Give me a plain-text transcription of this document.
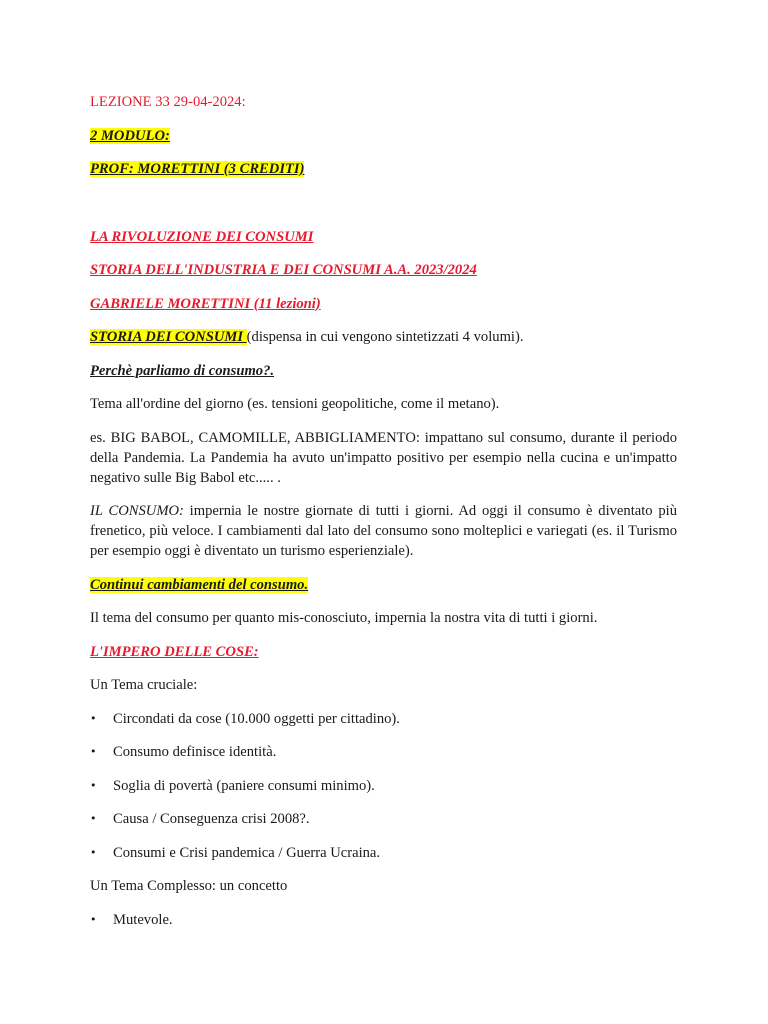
LEZIONE 33 29-04-2024:

2 MODULO:

PROF: MORETTINI (3 CREDITI)

LA RIVOLUZIONE DEI CONSUMI

STORIA DELL'INDUSTRIA E DEI CONSUMI A.A. 2023/2024

GABRIELE MORETTINI (11 lezioni)

STORIA DEI CONSUMI (dispensa in cui vengono sintetizzati 4 volumi).

Perchè parliamo di consumo?.

Tema all'ordine del giorno (es. tensioni geopolitiche, come il metano).

es. BIG BABOL, CAMOMILLE, ABBIGLIAMENTO: impattano sul consumo, durante il periodo della Pandemia. La Pandemia ha avuto un'impatto positivo per esempio nella cucina e un'impatto negativo sulle Big Babol etc..... .

IL CONSUMO: impernia le nostre giornate di tutti i giorni. Ad oggi il consumo è diventato più frenetico, più veloce. I cambiamenti dal lato del consumo sono molteplici e variegati (es. il Turismo per esempio oggi è diventato un turismo esperienziale).

Continui cambiamenti del consumo.

Il tema del consumo per quanto mis-conosciuto, impernia la nostra vita di tutti i giorni.

L'IMPERO DELLE COSE:

Un Tema cruciale:

• Circondati da cose (10.000 oggetti per cittadino).
• Consumo definisce identità.
• Soglia di povertà (paniere consumi minimo).
• Causa / Conseguenza crisi 2008?.
• Consumi e Crisi pandemica / Guerra Ucraina.

Un Tema Complesso: un concetto

• Mutevole.
